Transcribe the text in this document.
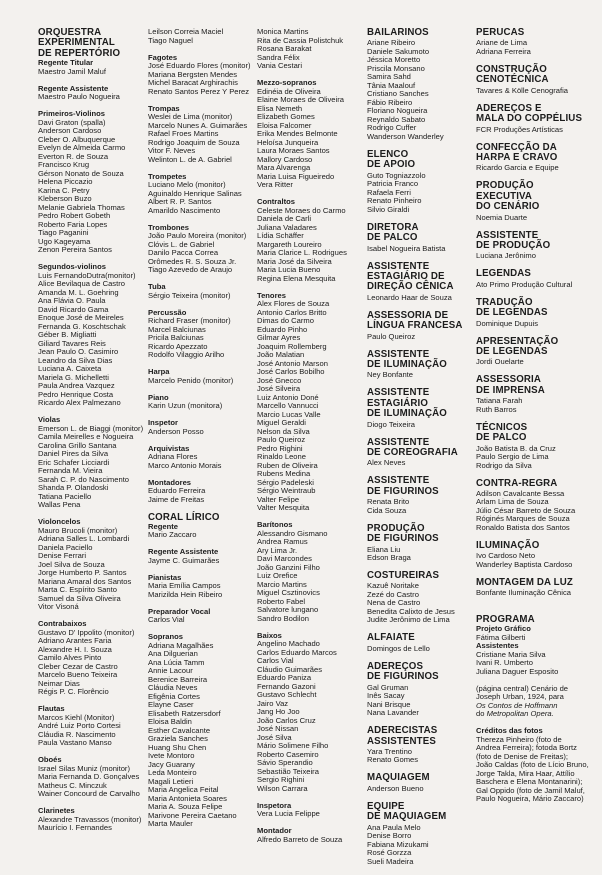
ORQUESTRA
EXPERIMENTAL
DE REPERTÓRIO
Regente Titular
Maestro Jamil Maluf
Regente Assistente
Maestro Paulo Nogueira
Primeiros-Violinos
Davi Graton (spalla)
Anderson Cardoso
Cleber O. Albuquerque
Evelyn de Almeida Carmo
Everton R. de Souza
Francisco Krug
Gérson Nonato de Souza
Helena Piccazio
Karina C. Petry
Kleberson Buzo
Melanie Gabriela Thomas
Pedro Robert Gobeth
Roberto Faria Lopes
Tiago Paganini
Ugo Kageyama
Zenon Pereira Santos
Segundos-violinos
Luis FernandoDutra(monitor)
Alice Bevilaqua de Castro
Amanda M. L. Goehring
Ana Flávia O. Paula
David Ricardo Gama
Enoque José de Meireles
Fernanda G. Koschtschak
Géber B. Migliatti
Giliard Tavares Reis
Jean Paulo O. Casimiro
Leandro da Silva Dias
Luciana A. Caixeta
Mariela G. Michelletti
Paula Andrea Vazquez
Pedro Henrique Costa
Ricardo Alex Palmezano
Violas
Emerson L. de Biaggi (monitor)
Camila Meirelles e Nogueira
Carolina Grillo Santana
Daniel Pires da Silva
Eric Schafer Licciardi
Fernanda M. Vieira
Sarah C. P. do Nascimento
Shanda P. Olandoski
Tatiana Paciello
Wallas Pena
Violoncelos
Mauro Brucoli (monitor)
Adriana Salles L. Lombardi
Daniela Paciello
Denise Ferrari
Joel Silva de Souza
Jorge Humberto P. Santos
Mariana Amaral dos Santos
Marta C. Espírito Santo
Samuel da Silva Oliveira
Vitor Visoná
Contrabaixos
Gustavo D' Ippolito (monitor)
Adriano Arantes Faria
Alexandre H. I. Souza
Camilo Alves Pinto
Cleber Cezar de Castro
Marcelo Bueno Teixeira
Neimar Dias
Régis P. C. Florêncio
Flautas
Marcos Kiehl (Monitor)
André Luiz Porto Cortesi
Cláudia R. Nascimento
Paula Vastano Manso
Oboés
Israel Silas Muniz (monitor)
Maria Fernanda D. Gonçalves
Matheus C. Minczuk
Wainer Concourd de Carvalho
Clarinetes
Alexandre Travassos (monitor)
Maurício I. Fernandes
Leilson Correia Maciel
Tiago Naguel
Fagotes
José Eduardo Flores (monitor)
Mariana Bergsten Mendes
Michel Baracat Arghirachis
Renato Santos Perez Y Perez
Trompas
Weslei de Lima (monitor)
Marcelo Nunes A. Guimarães
Rafael Froes Martins
Rodrigo Joaquim de Souza
Vitor F. Neves
Welinton L. de A. Gabriel
Trompetes
Luciano Melo (monitor)
Aguinaldo Henrique Salinas
Albert R. P. Santos
Amarildo Nascimento
Trombones
João Paulo Moreira (monitor)
Clóvis L. de Gabriel
Danilo Pacca Correa
Orômedes R. S. Souza Jr.
Tiago Azevedo de Araujo
Tuba
Sérgio Teixeira (monitor)
Percussão
Richard Fraser (monitor)
Marcel Balciunas
Pricila Balciunas
Ricardo Apezzato
Rodolfo Vilaggio Arilho
Harpa
Marcelo Penido (monitor)
Piano
Karin Uzun (monitora)
Inspetor
Anderson Posso
Arquivistas
Adriana Flores
Marco Antonio Morais
Montadores
Eduardo Ferreira
Jaime de Freitas
CORAL LÍRICO
Regente
Mario Zaccaro
Regente Assistente
Jayme C. Guimarães
Pianistas
Maria Emília Campos
Marizilda Hein Ribeiro
Preparador Vocal
Carlos Vial
Sopranos
Adriana Magalhães
Ana Dilguerian
Ana Lúcia Tamm
Annie Lacour
Berenice Barreira
Cláudia Neves
Efigênia Cortes
Elayne Caser
Elisabeth Ratzersdorf
Eloisa Baldin
Esther Cavalcante
Graziela Sanches
Huang Shu Chen
Ivete Montoro
Jacy Guarany
Leda Monteiro
Magali Letieri
Maria Angelica Feital
Maria Antonieta Soares
Maria A. Souza Felipe
Marivone Pereira Caetano
Marta Mauler
Monica Martins
Rita de Cassia Polistchuk
Rosana Barakat
Sandra Félix
Vania Cestari
Mezzo-sopranos
Edinéia de Oliveira
Elaine Moraes de Oliveira
Elisa Nemeth
Elizabeth Gomes
Eloisa Falcomer
Erika Mendes Belmonte
Heloísa Junqueira
Laura Moraes Santos
Mallory Cardoso
Mara Alvarenga
Maria Luisa Figueiredo
Vera Ritter
Contraltos
Celeste Moraes do Carmo
Daniela de Carli
Juliana Valadares
Lídia Schäffer
Margareth Loureiro
Maria Clarice L. Rodrigues
Maria José da Silveira
Maria Lucia Bueno
Regina Elena Mesquita
Tenores
Alex Flores de Souza
Antonio Carlos Britto
Dimas do Carmo
Eduardo Pinho
Gilmar Ayres
Joaquim Rollemberg
João Malatian
José Antonio Marson
José Carlos Bobilho
José Gnecco
José Silveira
Luiz Antonio Doné
Marcello Vannucci
Marcio Lucas Valle
Miguel Geraldi
Nelson da Silva
Paulo Queiroz
Pedro Righini
Rinaldo Leone
Ruben de Oliveira
Rubens Medina
Sérgio Padeleski
Sérgio Weintraub
Valter Felipe
Valter Mesquita
Barítonos
Alessandro Gismano
Andrea Ramus
Ary Lima Jr.
Davi Marcondes
João Ganzini Filho
Luiz Orefice
Marcio Martins
Miguel Csztinovics
Roberto Fabel
Salvatore lungano
Sandro Bodilon
Baixos
Angelino Machado
Carlos Eduardo Marcos
Carlos Vial
Cláudio Guimarães
Eduardo Paniza
Fernando Gazoni
Gustavo Schlecht
Jairo Vaz
Jang Ho Joo
João Carlos Cruz
José Nissan
José Silva
Mário Solimene Filho
Roberto Casemiro
Sávio Sperandio
Sebastião Teixeira
Sergio Righini
Wilson Carrara
Inspetora
Vera Lucia Felippe
Montador
Alfredo Barreto de Souza
BAILARINOS
Ariane Ribeiro
Daniele Sakumoto
Jéssica Moretto
Priscila Monsano
Samira Sahd
Tânia Maalouf
Cristiano Sanches
Fábio Ribeiro
Floriano Nogueira
Reynaldo Sabato
Rodrigo Cuffer
Wanderson Wanderley
ELENCO
DE APOIO
Guto Togniazzolo
Patricia Franco
Rafaela Ferri
Renato Pinheiro
Silvio Giraldi
DIRETORA
DE PALCO
Isabel Nogueira Batista
ASSISTENTE
ESTAGIÁRIO DE
DIREÇÃO CÊNICA
Leonardo Haar de Souza
ASSESSORIA DE
LÍNGUA FRANCESA
Paulo Queiroz
ASSISTENTE
DE ILUMINAÇÃO
Ney Bonfante
ASSISTENTE
ESTAGIÁRIO
DE ILUMINAÇÃO
Diogo Teixeira
ASSISTENTE
DE COREOGRAFIA
Alex Neves
ASSISTENTE
DE FIGURINOS
Renata Brito
Cida Souza
PRODUÇÃO
DE FIGURINOS
Eliana Liu
Edson Braga
COSTUREIRAS
Kazuê Noritake
Zezé do Castro
Nena de Castro
Benedita Calixto de Jesus
Judite Jerônimo de Lima
ALFAIATE
Domingos de Lello
ADEREÇOS
DE FIGURINOS
Gal Gruman
Inês Sacay
Nani Brisque
Nana Lavander
ADERECISTAS
ASSISTENTES
Yara Trentino
Renato Gomes
MAQUIAGEM
Anderson Bueno
EQUIPE
DE MAQUIAGEM
Ana Paula Melo
Denise Borro
Fabiana Mizukami
Rosé Gorzza
Sueli Madeira
PERUCAS
Ariane de Lima
Adriana Ferreira
CONSTRUÇÃO
CENOTÉCNICA
Tavares & Kölle Cenografia
ADEREÇOS E
MALA DO COPPÉLIUS
FCR Produções Artísticas
CONFECÇÃO DA
HARPA E CRAVO
Ricardo Garcia e Equipe
PRODUÇÃO
EXECUTIVA
DO CENÁRIO
Noemia Duarte
ASSISTENTE
DE PRODUÇÃO
Luciana Jerônimo
LEGENDAS
Ato Primo Produção Cultural
TRADUÇÃO
DE LEGENDAS
Dominique Dupuis
APRESENTAÇÃO
DE LEGENDAS
Jordi Ouelarte
ASSESSORIA
DE IMPRENSA
Tatiana Farah
Ruth Barros
TÉCNICOS
DE PALCO
João Batista B. da Cruz
Paulo Sergio de Lima
Rodrigo da Silva
CONTRA-REGRA
Adilson Cavalcante Bessa
Arlam Lima de Souza
Júlio César Barreto de Souza
Róginés Marques de Souza
Ronaldo Batista dos Santos
ILUMINAÇÃO
Ivo Cardoso Neto
Wanderley Baptista Cardoso
MONTAGEM DA LUZ
Bonfante Iluminação Cênica
PROGRAMA
Projeto Gráfico
Fátima Gilberti
Assistentes
Cristiane Maria Silva
Ivani R. Umberto
Juliana Daguer Esposito
(página central) Cenário de
Joseph Urban, 1924, para
Os Contos de Hoffmann
do Metropolitan Opera.
Créditos das fotos
Thereza Pinheiro (foto de
Andrea Ferreira); fotoda Bortz
(foto de Denise de Freitas);
João Caldas (foto de Lício Bruno,
Jorge Takla, Mira Haar, Attílio
Baschera e Elena Montanarini);
Gal Oppido (foto de Jamil Maluf,
Paulo Nogueira, Mário Zaccaro)
